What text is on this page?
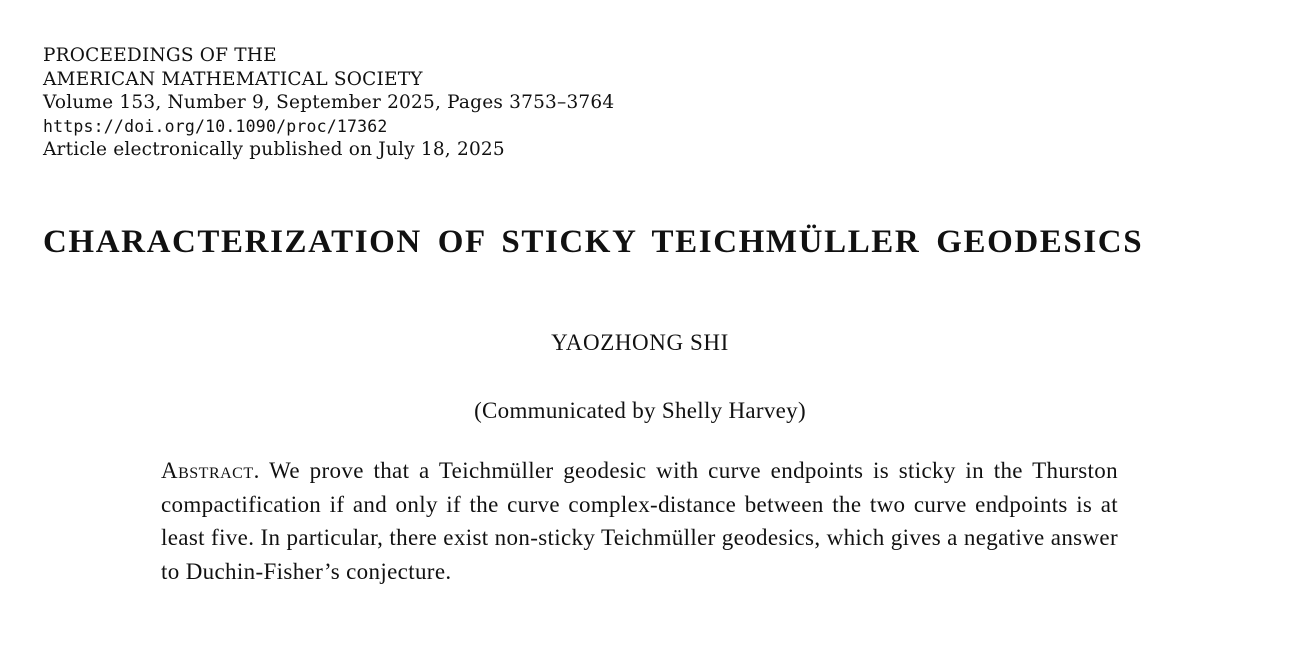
PROCEEDINGS OF THE
AMERICAN MATHEMATICAL SOCIETY
Volume 153, Number 9, September 2025, Pages 3753–3764
https://doi.org/10.1090/proc/17362
Article electronically published on July 18, 2025
CHARACTERIZATION OF STICKY TEICHMÜLLER GEODESICS
YAOZHONG SHI
(Communicated by Shelly Harvey)
Abstract. We prove that a Teichmüller geodesic with curve endpoints is sticky in the Thurston compactification if and only if the curve complex-distance between the two curve endpoints is at least five. In particular, there exist non-sticky Teichmüller geodesics, which gives a negative answer to Duchin-Fisher’s conjecture.
